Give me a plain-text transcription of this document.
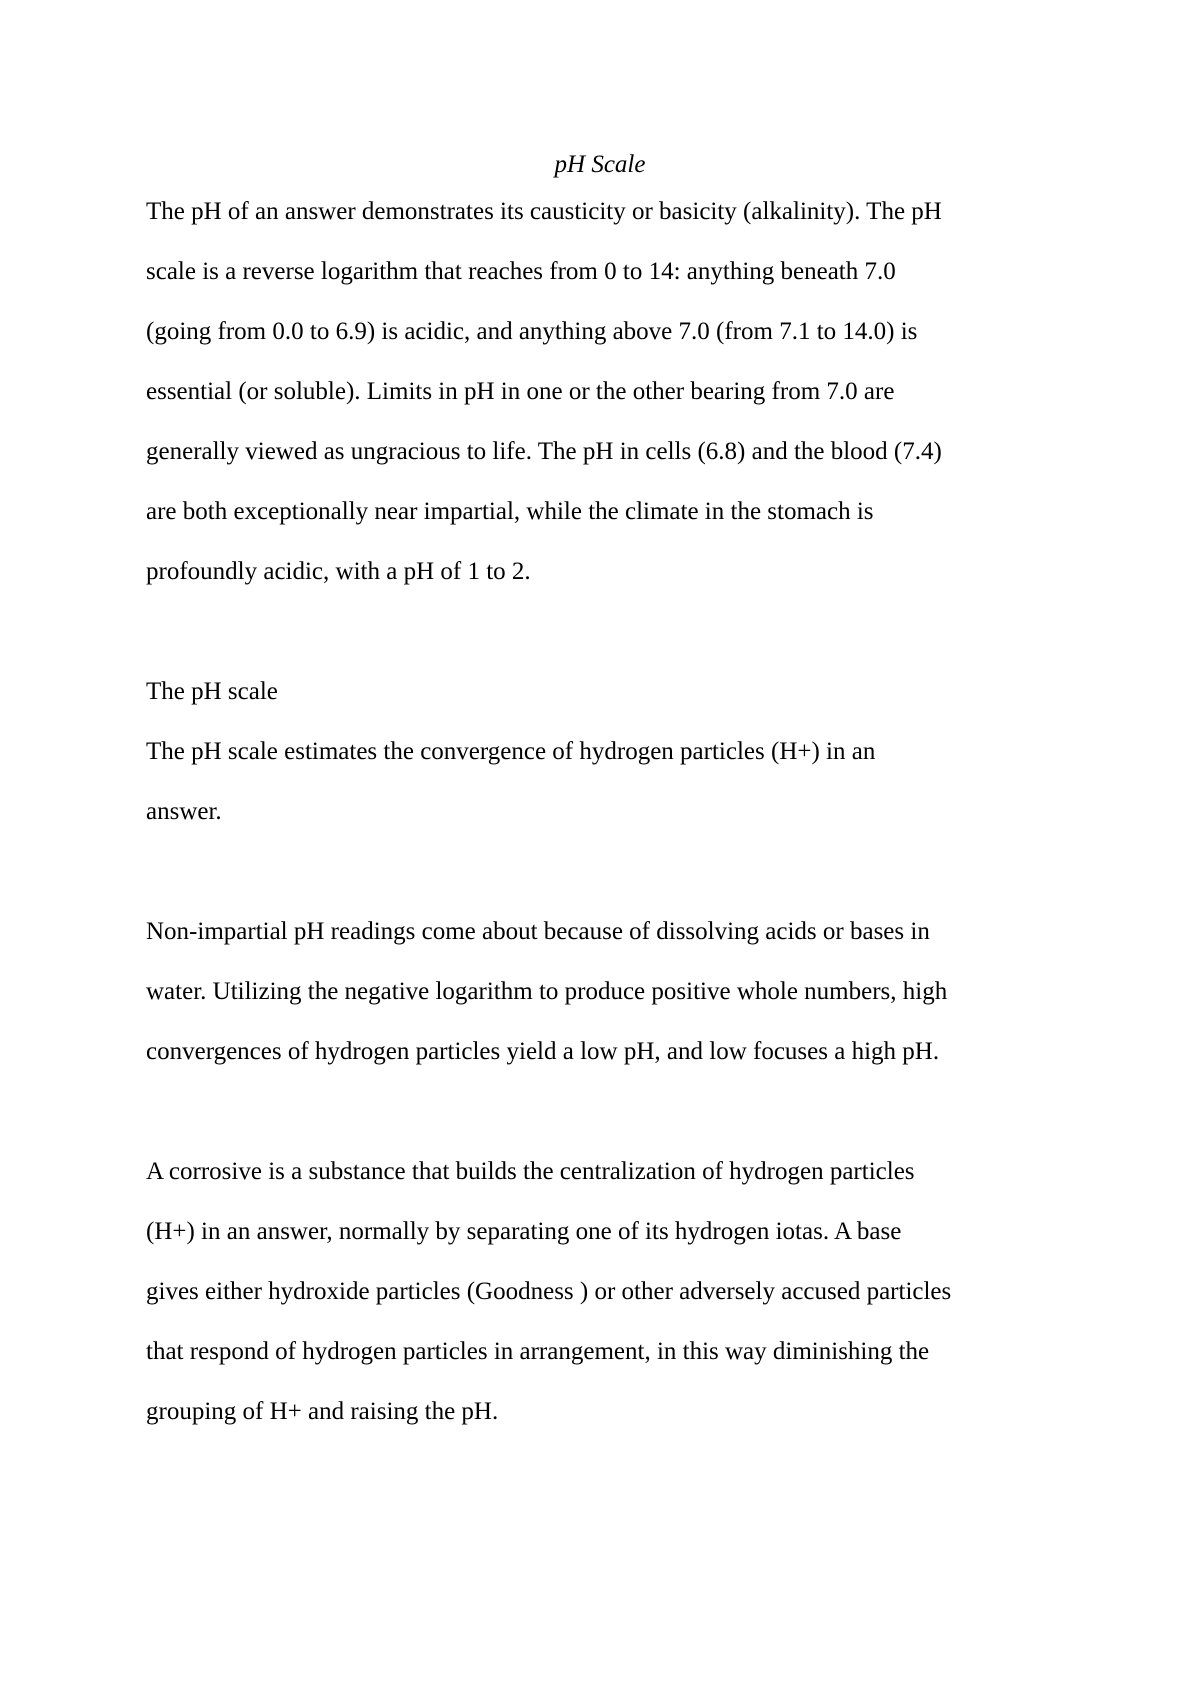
pH Scale

The pH of an answer demonstrates its causticity or basicity (alkalinity). The pH

scale is a reverse logarithm that reaches from 0 to 14: anything beneath 7.0

(going from 0.0 to 6.9) is acidic, and anything above 7.0 (from 7.1 to 14.0) is

essential (or soluble). Limits in pH in one or the other bearing from 7.0 are

generally viewed as ungracious to life. The pH in cells (6.8) and the blood (7.4)

are both exceptionally near impartial, while the climate in the stomach is

profoundly acidic, with a pH of 1 to 2.

The pH scale

The pH scale estimates the convergence of hydrogen particles (H+) in an

answer.

Non-impartial pH readings come about because of dissolving acids or bases in

water. Utilizing the negative logarithm to produce positive whole numbers, high

convergences of hydrogen particles yield a low pH, and low focuses a high pH.

A corrosive is a substance that builds the centralization of hydrogen particles

(H+) in an answer, normally by separating one of its hydrogen iotas. A base

gives either hydroxide particles (Goodness ) or other adversely accused particles

that respond of hydrogen particles in arrangement, in this way diminishing the

grouping of H+ and raising the pH.
